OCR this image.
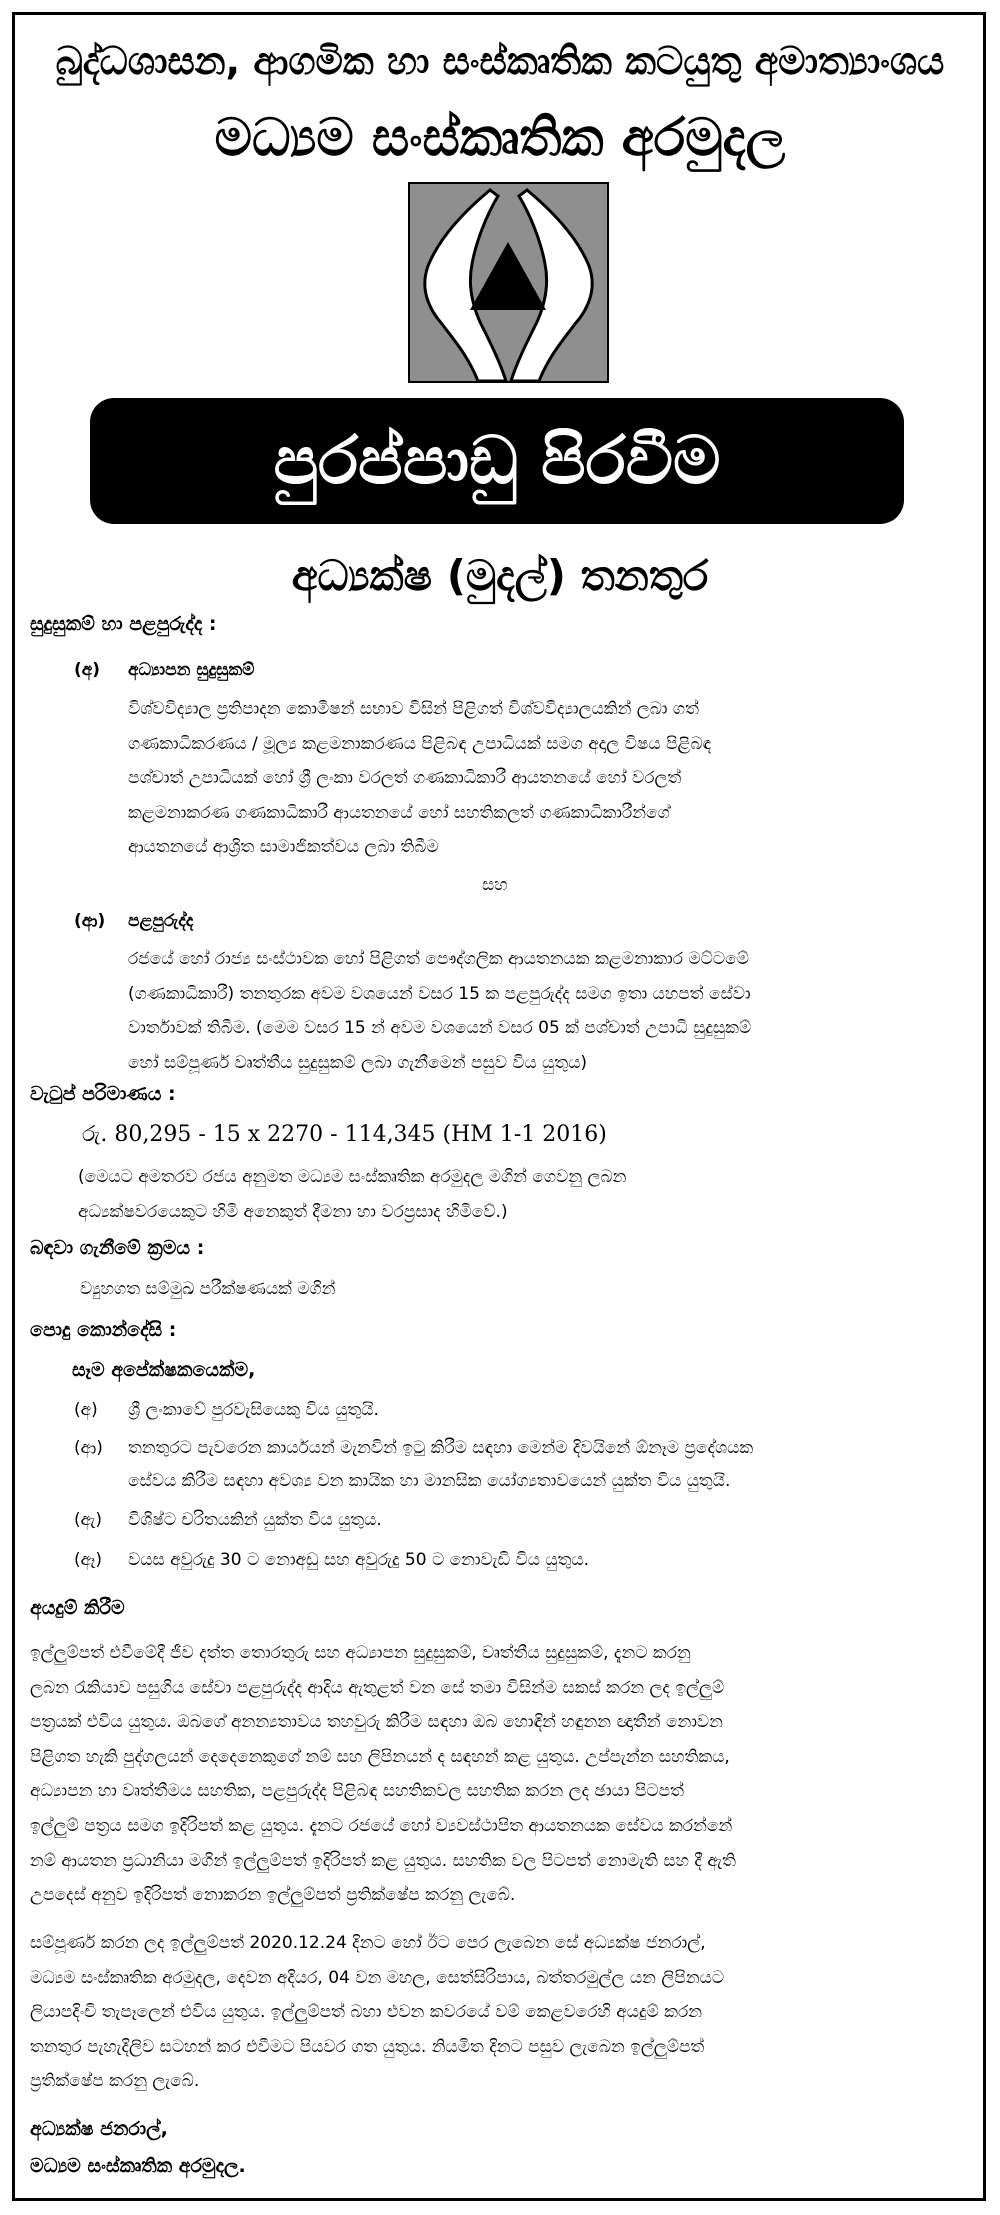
බුද්ධශාසන, ආගමික හා සංස්කෘතික කටයුතු අමාත්‍යාංශය
මධ්‍යම සංස්කෘතික අරමුදල
පුරප්පාඩු පිරවීම
අධ්‍යක්ෂ (මුදල්) තනතුර
සුදුසුකම් හා පළපුරුද්ද :
(අ) අධ්‍යාපන සුදුසුකම්
විශ්වවිද්‍යාල ප්‍රතිපාදන කොමිෂන් සභාව විසින් පිළිගත් විශ්වවිද්‍යාලයකින් ලබා ගත්
ගණකාධිකරණය / මූල්‍ය කළමනාකරණය පිළිබඳ උපාධියක් සමග අදාල විෂය පිළිබඳ
පශ්චාත් උපාධියක් හෝ ශ්‍රී ලංකා වරලත් ගණකාධිකාරී ආයතනයේ හෝ වරලත්
කළමනාකරණ ගණකාධිකාරී ආයතනයේ හෝ සහතිකලත් ගණකාධිකාරීන්ගේ
ආයතනයේ ආශ්‍රිත සාමාජිකත්වය ලබා තිබීම
සහ
(ආ) පළපුරුද්ද
රජයේ හෝ රාජ්‍ය සංස්ථාවක හෝ පිළිගත් පෞද්ගලික ආයතනයක කළමනාකාර මට්ටමේ
(ගණකාධිකාරී) තනතුරක අවම වශයෙන් වසර 15 ක පළපුරුද්ද සමග ඉතා යහපත් සේවා
වාර්තාවක් තිබීම. (මෙම වසර 15 න් අවම වශයෙන් වසර 05 ක් පශ්චාත් උපාධි සුදුසුකම්
හෝ සම්පූර්ණ වෘත්තීය සුදුසුකම් ලබා ගැනීමෙන් පසුව විය යුතුය)
වැටුප් පරිමාණය :
රු. 80,295 - 15 x 2270 - 114,345 (HM 1-1 2016)
(මෙයට අමතරව රජය අනුමත මධ්‍යම සංස්කෘතික අරමුදල මගින් ගෙවනු ලබන
අධ්‍යක්ෂවරයෙකුට හිමි අනෙකුත් දීමනා හා වරප්‍රසාද හිමිවේ.)
බඳවා ගැනීමේ ක්‍රමය :
ව්‍යුහගත සම්මුඛ පරීක්ෂණයක් මගින්
පොදු කොන්දේසි :
සෑම අපේක්ෂකයෙක්ම,
(අ) ශ්‍රී ලංකාවේ පුරවැසියෙකු විය යුතුයි.
(ආ) තනතුරට පැවරෙන කාර්යයන් මැනවින් ඉටු කිරීම සඳහා මෙන්ම දිවයිනේ ඕනෑම ප්‍රදේශයක
සේවය කිරීම සඳහා අවශ්‍ය වන කායික හා මානසික යෝග්‍යතාවයෙන් යුක්ත විය යුතුයි.
(ඇ) විශිෂ්ට චරිතයකින් යුක්ත විය යුතුය.
(ඈ) වයස අවුරුදු 30 ට නොඅඩු සහ අවුරුදු 50 ට නොවැඩි විය යුතුය.
අයදුම් කිරීම
ඉල්ලුම්පත් එවීමේදී ජීව දත්ත තොරතුරු සහ අධ්‍යාපන සුදුසුකම්, වෘත්තීය සුදුසුකම්, දැනට කරනු
ලබන රැකියාව පසුගිය සේවා පළපුරුද්ද ආදිය ඇතුළත් වන සේ තමා විසින්ම සකස් කරන ලද ඉල්ලුම්
පත්‍රයක් එවිය යුතුය. ඔබගේ අනන්‍යතාවය තහවුරු කිරීම සඳහා ඔබ හොඳින් හඳුනන ඥාතීන් නොවන
පිළිගත හැකි පුද්ගලයන් දෙදෙනෙකුගේ නම් සහ ලිපිනයන් ද සඳහන් කළ යුතුය. උප්පැන්න සහතිකය,
අධ්‍යාපන හා වෘත්තීමය සහතික, පළපුරුද්ද පිළිබඳ සහතිකවල සහතික කරන ලද ඡායා පිටපත්
ඉල්ලුම් පත්‍රය සමග ඉදිරිපත් කළ යුතුය. දැනට රජයේ හෝ ව්‍යවස්ථාපිත ආයතනයක සේවය කරන්නේ
නම් ආයතන ප්‍රධානියා මගින් ඉල්ලුම්පත් ඉදිරිපත් කළ යුතුය. සහතික වල පිටපත් නොමැති සහ දී ඇති
උපදෙස් අනුව ඉදිරිපත් නොකරන ඉල්ලුම්පත් ප්‍රතික්ෂේප කරනු ලැබේ.
සම්පූර්ණ කරන ලද ඉල්ලුම්පත් 2020.12.24 දිනට හෝ ඊට පෙර ලැබෙන සේ අධ්‍යක්ෂ ජනරාල්,
මධ්‍යම සංස්කෘතික අරමුදල, දෙවන අදියර, 04 වන මහල, සෙත්සිරිපාය, බත්තරමුල්ල යන ලිපිනයට
ලියාපදිංචි තැපෑලෙන් එවිය යුතුය. ඉල්ලුම්පත් බහා එවන කවරයේ වම් කෙළවරෙහි අයදුම් කරන
තනතුර පැහැදිලිව සටහන් කර එවීමට පියවර ගත යුතුය. නියමිත දිනට පසුව ලැබෙන ඉල්ලුම්පත්
ප්‍රතික්ෂේප කරනු ලැබේ.
අධ්‍යක්ෂ ජනරාල්,
මධ්‍යම සංස්කෘතික අරමුදල.
